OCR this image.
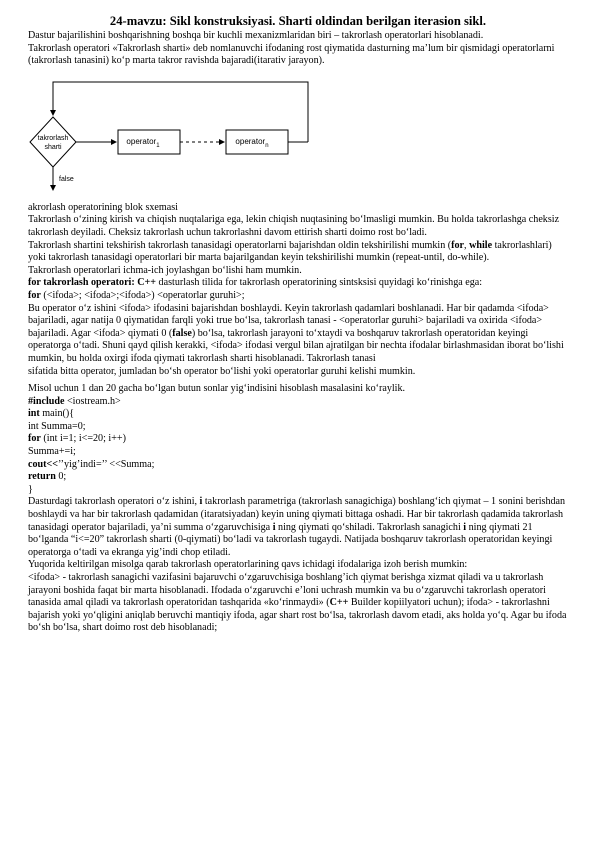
24-mavzu: Sikl konstruksiyasi. Sharti oldindan berilgan iterasion sikl.

Dastur bajarilishini boshqarishning boshqa bir kuchli mexanizmlaridan biri – takrorlash operatorlari hisoblanadi.

Takrorlash operatori «Takrorlash sharti» deb nomlanuvchi ifodaning rost qiymatida dasturning ma’lum bir qismidagi operatorlarni (takrorlash tanasini) ko‘p marta takror ravishda bajaradi(itarativ jarayon).

takrorlash
sharti
operator$_1$	operator$_n$
false

akrorlash operatorining blok sxemasi

Takrorlash o‘zining kirish va chiqish nuqtalariga ega, lekin chiqish nuqtasining bo‘lmasligi mumkin. Bu holda takrorlashga cheksiz takrorlash deyiladi. Cheksiz takrorlash uchun takrorlashni davom ettirish sharti doimo rost bo‘ladi.

Takrorlash shartini tekshirish takrorlash tanasidagi operatorlarni bajarishdan oldin tekshirilishi mumkin (for, while takrorlashlari) yoki takrorlash tanasidagi operatorlari bir marta bajarilgandan keyin tekshirilishi mumkin (repeat-until, do-while).

Takrorlash operatorlari ichma-ich joylashgan bo‘lishi ham mumkin.

for takrorlash operatori: C++ dasturlash tilida for takrorlash operatorining sintsksisi quyidagi ko‘rinishga ega:

for (<ifoda>; <ifoda>;<ifoda>) <operatorlar guruhi>;

Bu operator o‘z ishini <ifoda> ifodasini bajarishdan boshlaydi. Keyin takrorlash qadamlari boshlanadi. Har bir qadamda <ifoda> bajariladi, agar natija 0 qiymatidan farqli yoki true bo‘lsa, takrorlash tanasi - <operatorlar guruhi> bajariladi va oxirida <ifoda> bajariladi. Agar <ifoda> qiymati 0 (false) bo‘lsa, takrorlash jarayoni to‘xtaydi va boshqaruv takrorlash operatoridan keyingi operatorga o‘tadi. Shuni qayd qilish kerakki, <ifoda> ifodasi vergul bilan ajratilgan bir nechta ifodalar birlashmasidan iborat bo‘lishi mumkin, bu holda oxirgi ifoda qiymati takrorlash sharti hisoblanadi. Takrorlash tanasi

sifatida bitta operator, jumladan bo‘sh operator bo‘lishi yoki operatorlar guruhi kelishi mumkin.

Misol uchun 1 dan 20 gacha bo‘lgan butun sonlar yig‘indisini hisoblash masalasini ko‘raylik.

#include <iostream.h>

int main(){

int Summa=0;

for (int i=1; i<=20; i++)

Summa+=i;

cout<<’’yig’indi=’’ <<Summa;

return 0;

}

Dasturdagi takrorlash operatori o‘z ishini, i takrorlash parametriga (takrorlash sanagichiga) boshlang‘ich qiymat – 1 sonini berishdan boshlaydi va har bir takrorlash qadamidan (itaratsiyadan) keyin uning qiymati bittaga oshadi. Har bir takrorlash qadamida takrorlash tanasidagi operator bajariladi, ya’ni summa o‘zgaruvchisiga i ning qiymati qo‘shiladi. Takrorlash sanagichi i ning qiymati 21 bo‘lganda “i<=20” takrorlash sharti (0-qiymati) bo‘ladi va takrorlash tugaydi. Natijada boshqaruv takrorlash operatoridan keyingi operatorga o‘tadi va ekranga yig’indi chop etiladi.

Yuqorida keltirilgan misolga qarab takrorlash operatorlarining qavs ichidagi ifodalariga izoh berish mumkin:

<ifoda> - takrorlash sanagichi vazifasini bajaruvchi o‘zgaruvchisiga boshlang’ich qiymat berishga xizmat qiladi va u takrorlash jarayoni boshida faqat bir marta hisoblanadi. Ifodada o‘zgaruvchi e’loni uchrash mumkin va bu o‘zgaruvchi takrorlash operatori tanasida amal qiladi va takrorlash operatoridan tashqarida «ko‘rinmaydi» (C++ Builder kopiilyatori uchun); ifoda> - takrorlashni bajarish yoki yo‘qligini aniqlab beruvchi mantiqiy ifoda, agar shart rost bo‘lsa, takrorlash davom etadi, aks holda yo‘q. Agar bu ifoda bo‘sh bo‘lsa, shart doimo rost deb hisoblanadi;
